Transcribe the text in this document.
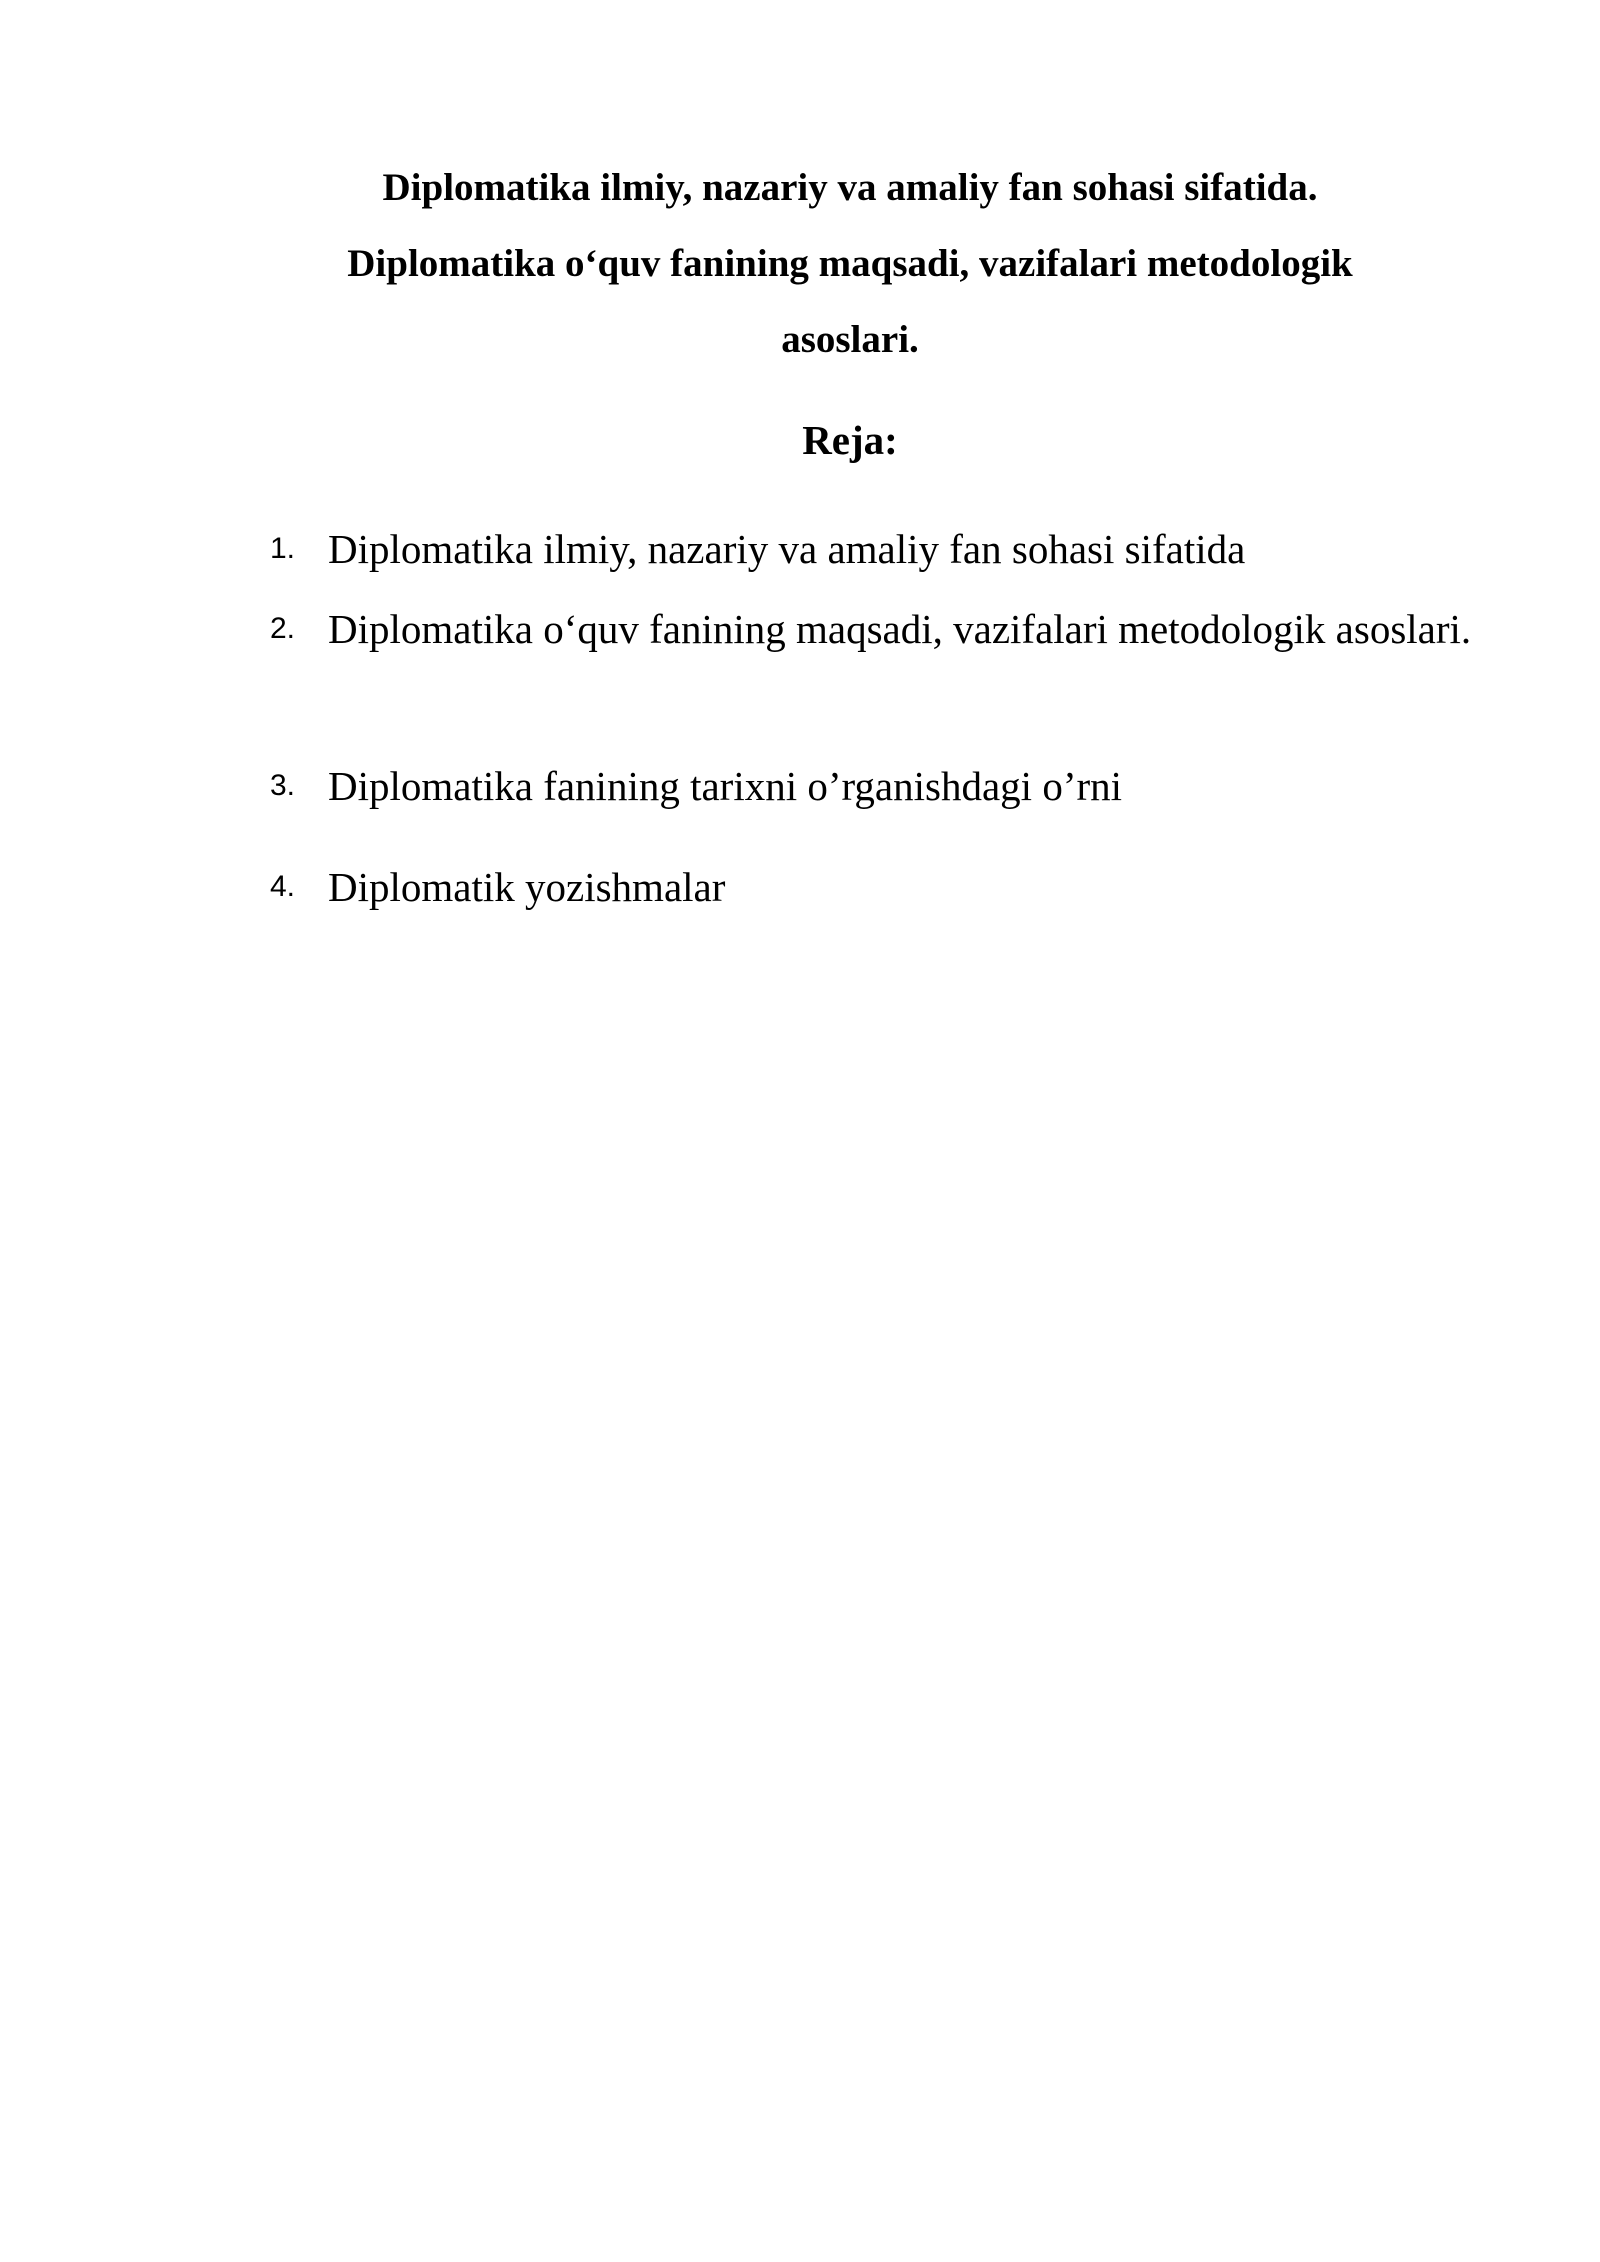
Diplomatika ilmiy, nazariy va amaliy fan sohasi sifatida.
Diplomatika o‘quv fanining maqsadi, vazifalari metodologik
asoslari.
Reja:
1. Diplomatika ilmiy, nazariy va amaliy fan sohasi sifatida
2. Diplomatika o‘quv fanining maqsadi, vazifalari metodologik asoslari.
3. Diplomatika fanining tarixni o’rganishdagi o’rni
4. Diplomatik yozishmalar
